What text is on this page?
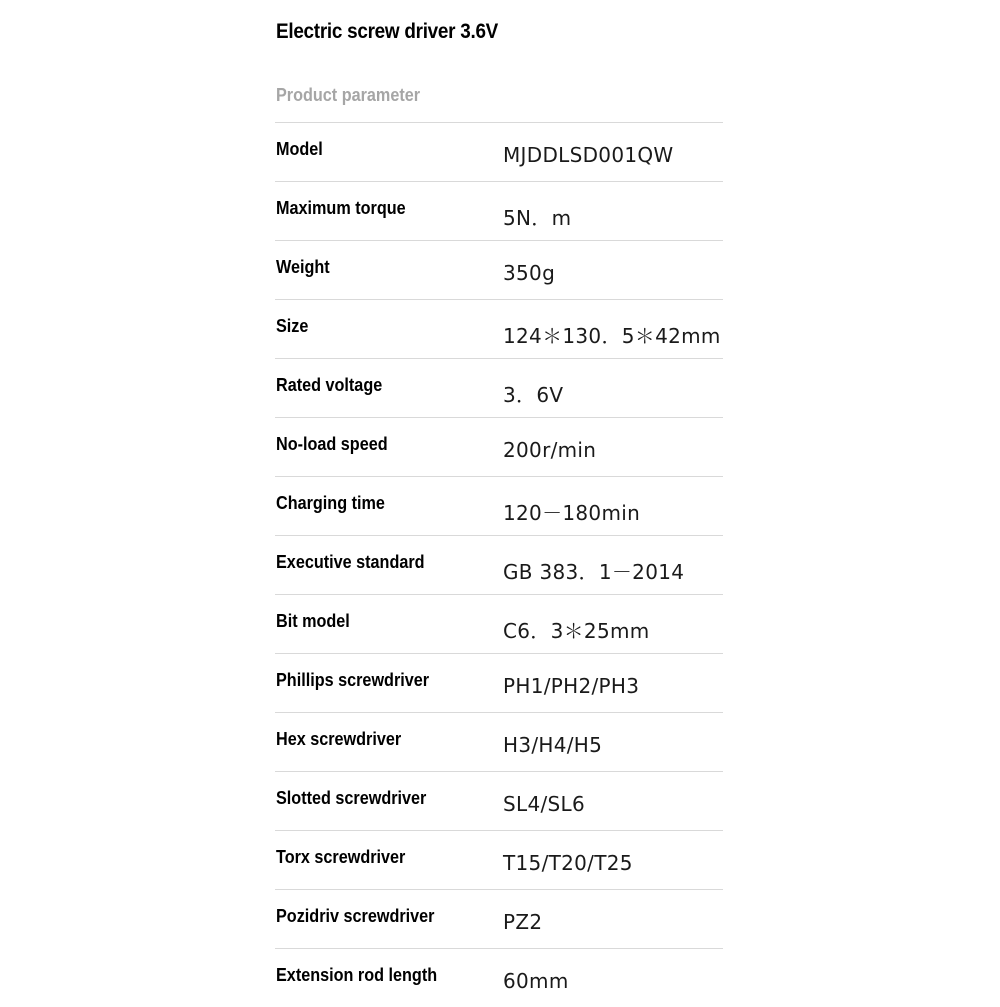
Electric screw driver 3.6V
Product parameter
Model	MJDDLSD001QW
Maximum torque	5N．m
Weight	350g
Size	124＊130．5＊42mm
Rated voltage	3．6V
No-load speed	200r/min
Charging time	120－180min
Executive standard	GB 383．1－2014
Bit model	C6．3＊25mm
Phillips screwdriver	PH1/PH2/PH3
Hex screwdriver	H3/H4/H5
Slotted screwdriver	SL4/SL6
Torx screwdriver	T15/T20/T25
Pozidriv screwdriver	PZ2
Extension rod length	60mm
